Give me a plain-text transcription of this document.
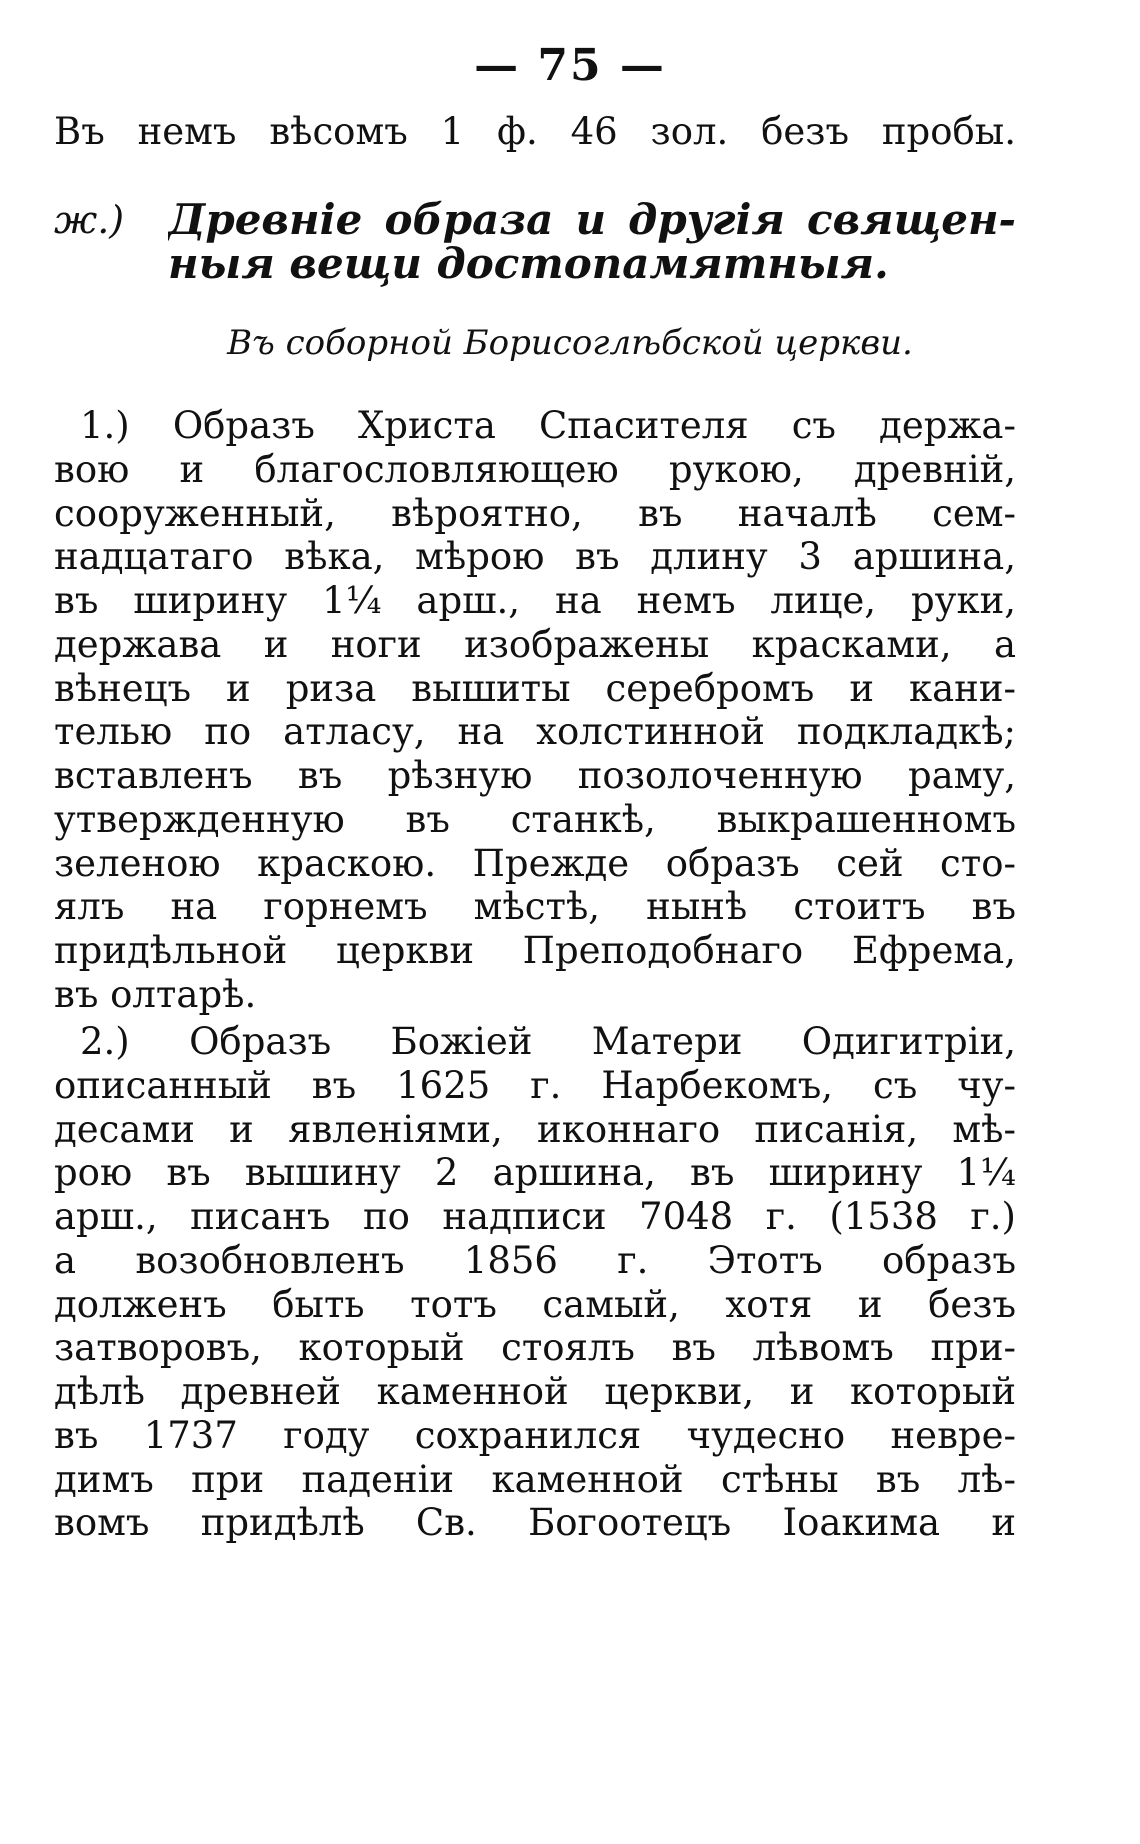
— 75 —
Въ немъ вѣсомъ 1 ф. 46 зол. безъ пробы.
ж.)	Древніе образа и другія священ-
ныя вещи достопамятныя.
Въ соборной Борисоглѣбской церкви.
1.) Образъ Христа Спасителя съ держа-
вою и благословляющею рукою, древній,
сооруженный, вѣроятно, въ началѣ сем-
надцатаго вѣка, мѣрою въ длину 3 аршина,
въ ширину 1¼ арш., на немъ лице, руки,
держава и ноги изображены красками, а
вѣнецъ и риза вышиты серебромъ и кани-
телью по атласу, на холстинной подкладкѣ;
вставленъ въ рѣзную позолоченную раму,
утвержденную въ станкѣ, выкрашенномъ
зеленою краскою. Прежде образъ сей сто-
ялъ на горнемъ мѣстѣ, нынѣ стоитъ въ
придѣльной церкви Преподобнаго Ефрема,
въ олтарѣ.
2.) Образъ Божіей Матери Одигитріи,
описанный въ 1625 г. Нарбекомъ, съ чу-
десами и явленіями, иконнаго писанія, мѣ-
рою въ вышину 2 аршина, въ ширину 1¼
арш., писанъ по надписи 7048 г. (1538 г.)
а возобновленъ 1856 г. Этотъ образъ
долженъ быть тотъ самый, хотя и безъ
затворовъ, который стоялъ въ лѣвомъ при-
дѣлѣ древней каменной церкви, и который
въ 1737 году сохранился чудесно невре-
димъ при паденіи каменной стѣны въ лѣ-
вомъ придѣлѣ Св. Богоотецъ Іоакима и
